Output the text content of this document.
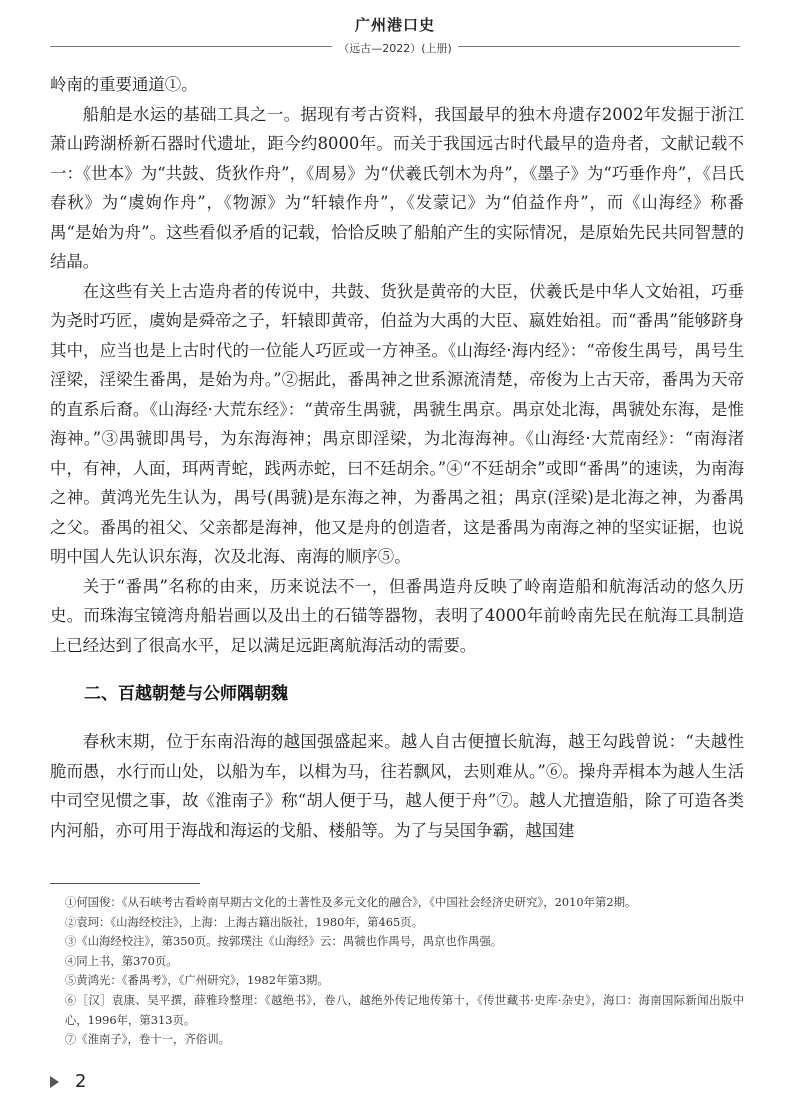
广州港口史
（远古—2022）(上册)

岭南的重要通道①。

船舶是水运的基础工具之一。据现有考古资料，我国最早的独木舟遗存2002年发掘于浙江萧山跨湖桥新石器时代遗址，距今约8000年。而关于我国远古时代最早的造舟者，文献记载不一：《世本》为“共鼓、货狄作舟”，《周易》为“伏羲氏刳木为舟”，《墨子》为“巧垂作舟”，《吕氏春秋》为“虞姁作舟”，《物源》为“轩辕作舟”，《发蒙记》为“伯益作舟”，而《山海经》称番禺“是始为舟”。这些看似矛盾的记载，恰恰反映了船舶产生的实际情况，是原始先民共同智慧的结晶。

在这些有关上古造舟者的传说中，共鼓、货狄是黄帝的大臣，伏羲氏是中华人文始祖，巧垂为尧时巧匠，虞姁是舜帝之子，轩辕即黄帝，伯益为大禹的大臣、嬴姓始祖。而“番禺”能够跻身其中，应当也是上古时代的一位能人巧匠或一方神圣。《山海经·海内经》：“帝俊生禺号，禺号生淫梁，淫梁生番禺，是始为舟。”②据此，番禺神之世系源流清楚，帝俊为上古天帝，番禺为天帝的直系后裔。《山海经·大荒东经》：“黄帝生禺虢，禺虢生禺京。禺京处北海，禺虢处东海，是惟海神。”③禺虢即禺号，为东海海神；禺京即淫梁，为北海海神。《山海经·大荒南经》：“南海渚中，有神，人面，珥两青蛇，践两赤蛇，曰不廷胡余。”④“不廷胡余”或即“番禺”的速读，为南海之神。黄鸿光先生认为，禺号(禺虢)是东海之神，为番禺之祖；禺京(淫梁)是北海之神，为番禺之父。番禺的祖父、父亲都是海神，他又是舟的创造者，这是番禺为南海之神的坚实证据，也说明中国人先认识东海，次及北海、南海的顺序⑤。

关于“番禺”名称的由来，历来说法不一，但番禺造舟反映了岭南造船和航海活动的悠久历史。而珠海宝镜湾舟船岩画以及出土的石锚等器物，表明了4000年前岭南先民在航海工具制造上已经达到了很高水平，足以满足远距离航海活动的需要。

二、百越朝楚与公师隅朝魏

春秋末期，位于东南沿海的越国强盛起来。越人自古便擅长航海，越王勾践曾说：“夫越性脆而愚，水行而山处，以船为车，以楫为马，往若飘风，去则难从。”⑥。操舟弄楫本为越人生活中司空见惯之事，故《淮南子》称“胡人便于马，越人便于舟”⑦。越人尤擅造船，除了可造各类内河船，亦可用于海战和海运的戈船、楼船等。为了与吴国争霸，越国建

①何国俊：《从石峡考古看岭南早期古文化的土著性及多元文化的融合》，《中国社会经济史研究》，2010年第2期。

②袁珂：《山海经校注》，上海：上海古籍出版社，1980年，第465页。

③《山海经校注》，第350页。按郭璞注《山海经》云：禺虢也作禺号，禺京也作禺强。

④同上书，第370页。

⑤黄鸿光：《番禺考》，《广州研究》，1982年第3期。

⑥［汉］袁康、吴平撰，薛雅玲整理：《越绝书》，卷八，越绝外传记地传第十，《传世藏书·史库·杂史》，海口：海南国际新闻出版中心，1996年，第313页。

⑦《淮南子》，卷十一，齐俗训。

2
